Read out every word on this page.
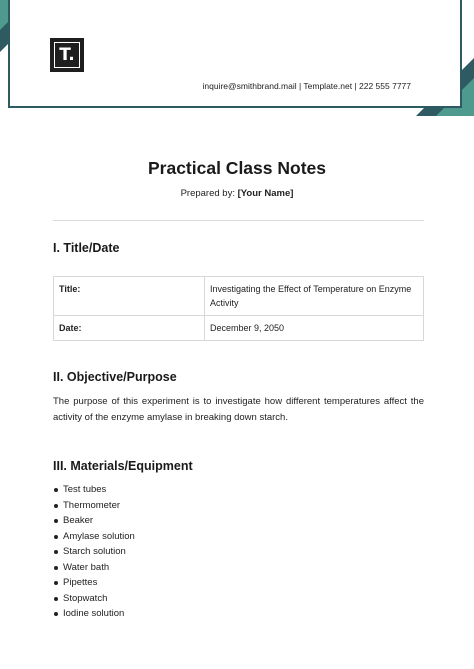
T.
inquire@smithbrand.mail | Template.net | 222 555 7777
Practical Class Notes
Prepared by: [Your Name]
I. Title/Date
Title:	Investigating the Effect of Temperature on Enzyme Activity
Date:	December 9, 2050
II. Objective/Purpose
The purpose of this experiment is to investigate how different temperatures affect the activity of the enzyme amylase in breaking down starch.
III. Materials/Equipment
Test tubes
Thermometer
Beaker
Amylase solution
Starch solution
Water bath
Pipettes
Stopwatch
Iodine solution
